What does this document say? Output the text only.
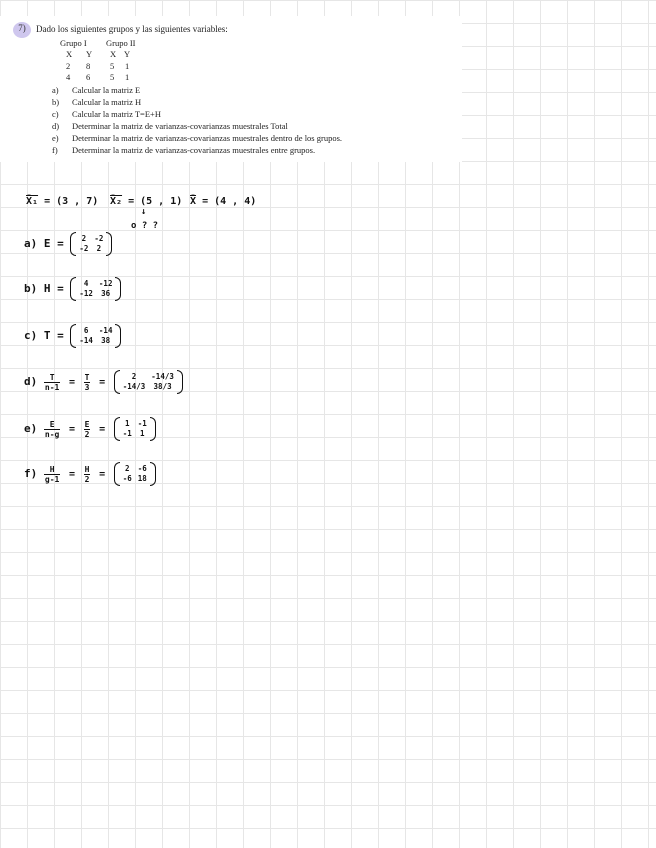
7)	Dado los siguientes grupos y las siguientes variables:
Grupo I Grupo II
X Y X Y
2 8 5 1
4 6 5 1
a) Calcular la matriz E
b) Calcular la matriz H
c) Calcular la matriz T=E+H
d) Determinar la matriz de varianzas-covarianzas muestrales Total
e) Determinar la matriz de varianzas-covarianzas muestrales dentro de los grupos.
f) Determinar la matriz de varianzas-covarianzas muestrales entre grupos.
X̄₁ = (3 , 7) X̄₂ = (5 , 1) X̄ = (4 , 4)
↓
o ? ?
a) E = 2	-2
-2	2
b) H =	4	-12
-12	36
c) T =	6	-14
-14	38
$d) \frac{T}{n-1} = \frac{T}{3}$ =	2	-14/3
-14/3	38/3
$e) \frac{E}{n-g} = \frac{E}{2}$ =	1	-1
-1	1
$f) \frac{H}{g-1} = \frac{H}{2}$ =	2	-6
-6	18
